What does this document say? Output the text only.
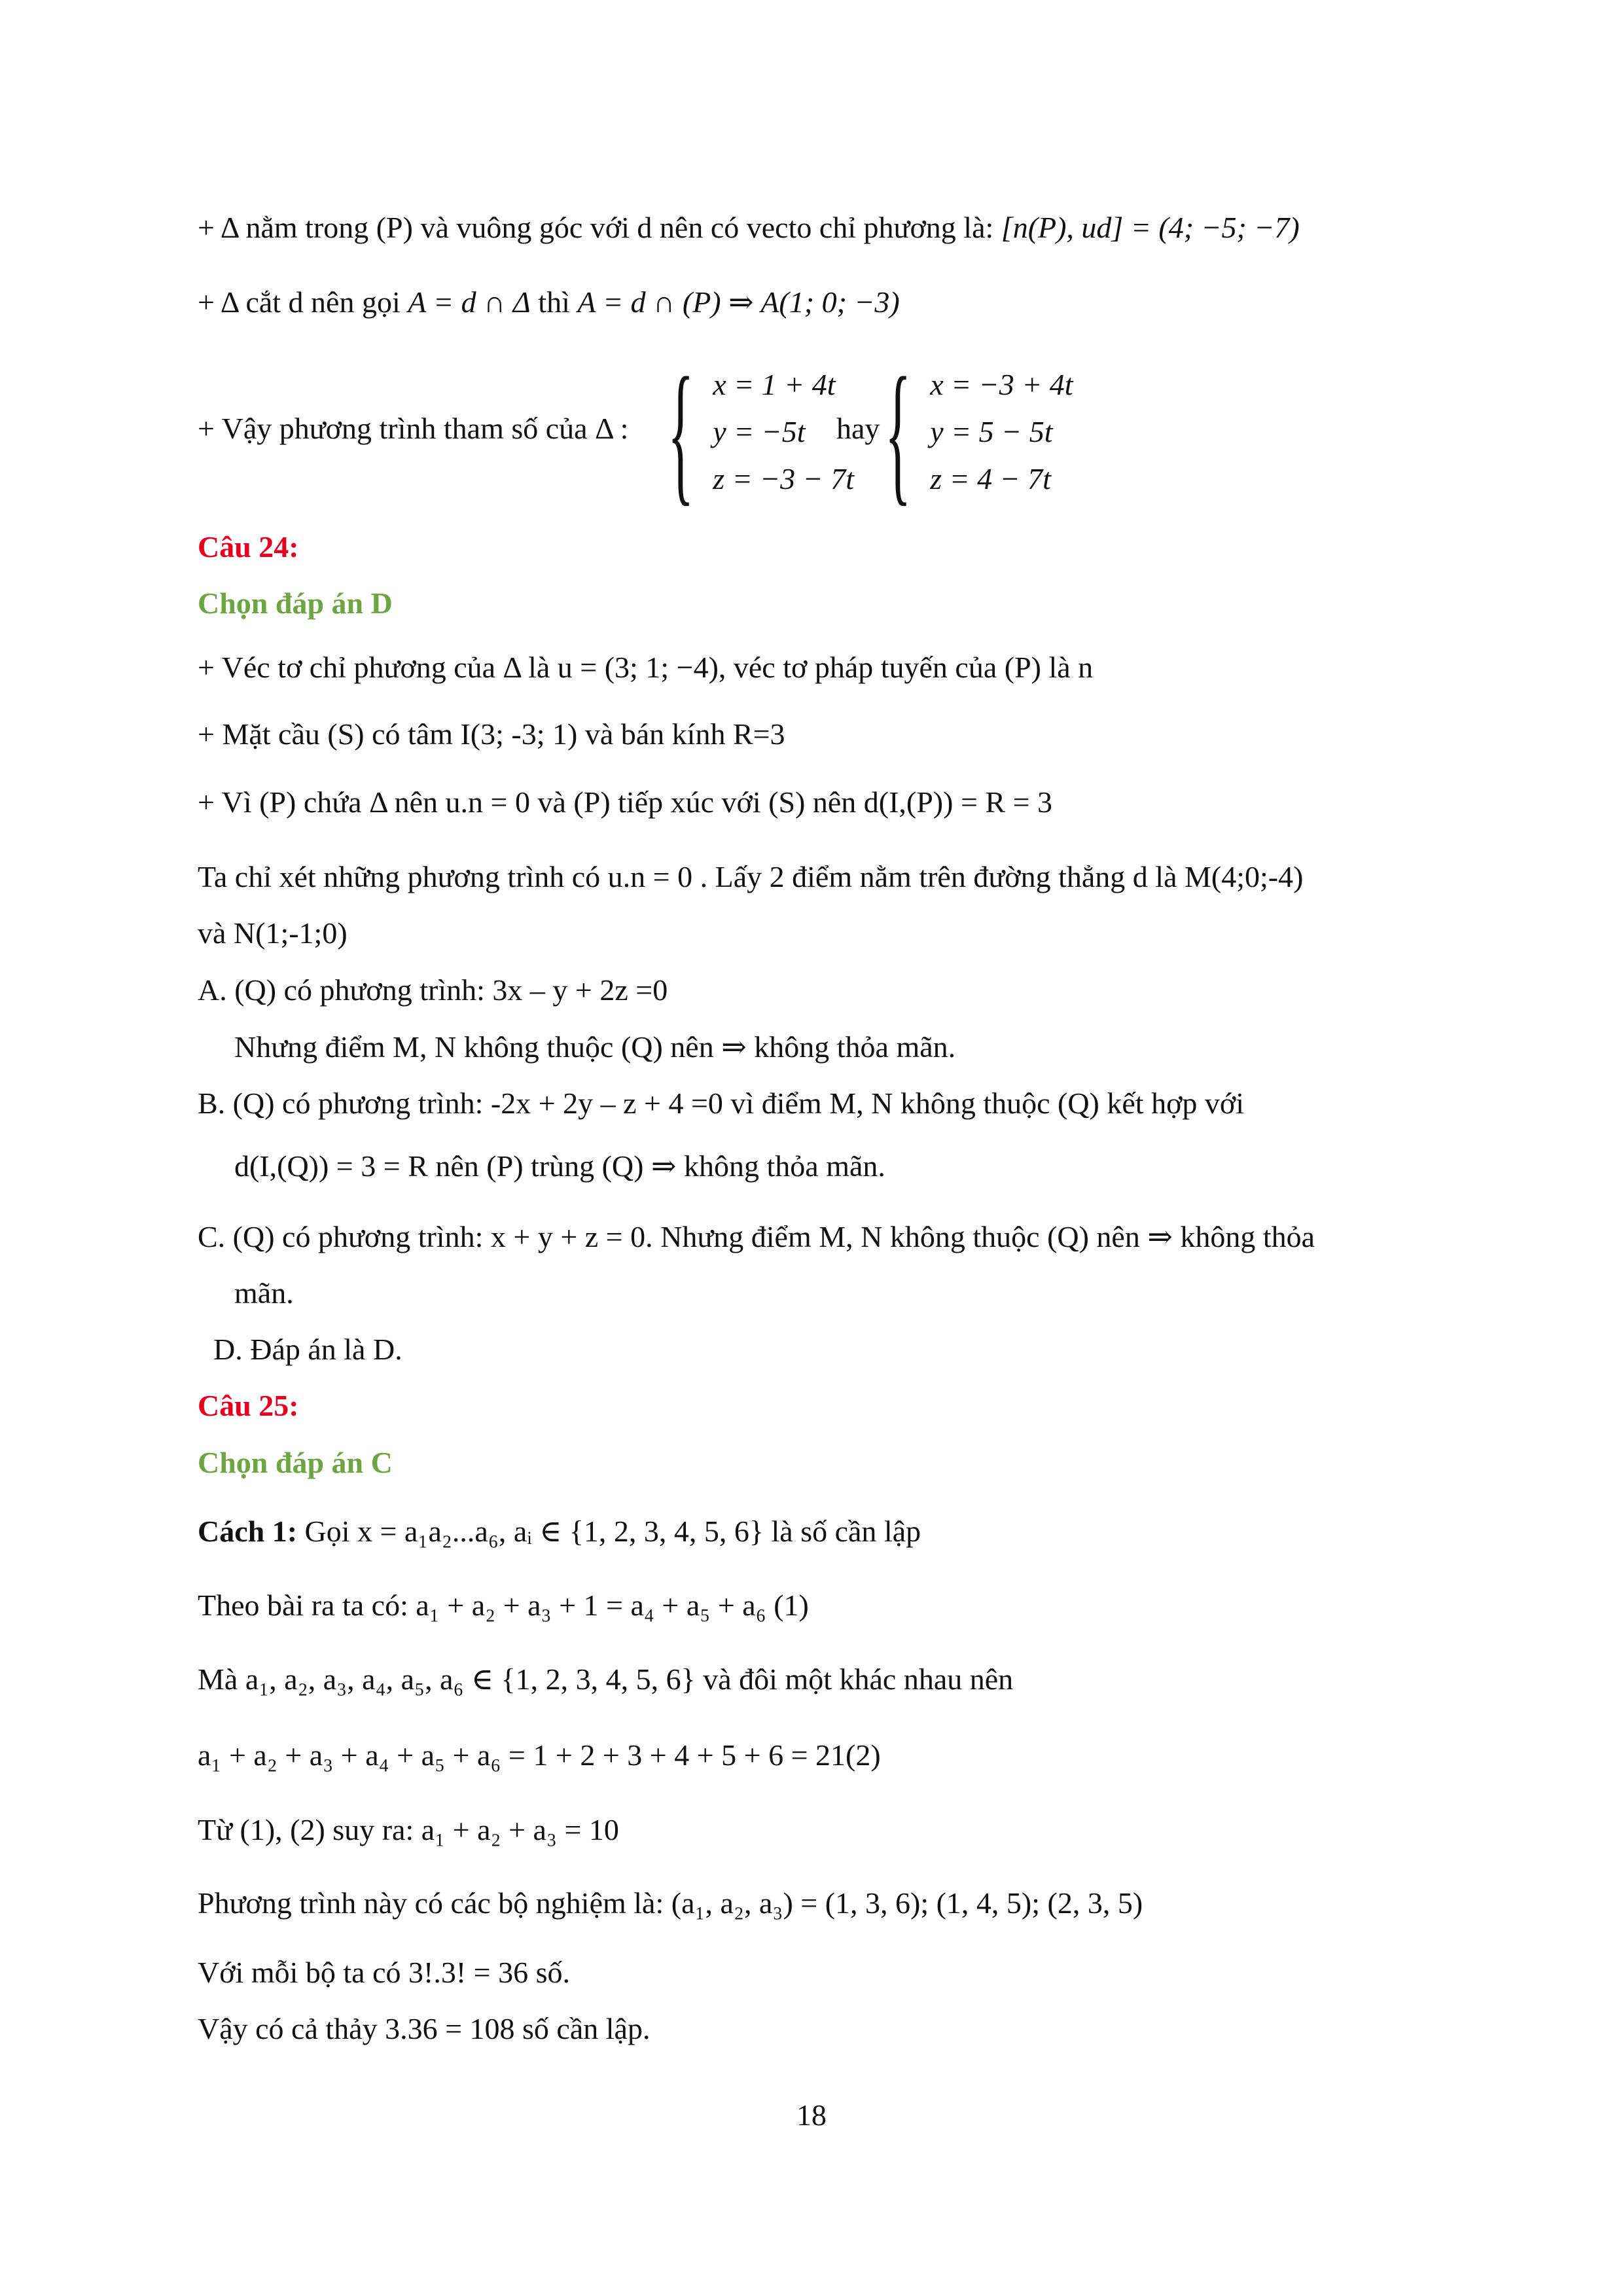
+ Δ nằm trong (P) và vuông góc với d nên có vecto chỉ phương là: [n(P), ud] = (4; −5; −7)
+ Δ cắt d nên gọi A = d ∩ Δ thì A = d ∩ (P) ⇒ A(1; 0; −3)
+ Vậy phương trình tham số của Δ : { x = 1 + 4t
y = −5t
z = −3 − 7t
hay { x = −3 + 4t
y = 5 − 5t
z = 4 − 7t
Câu 24:
Chọn đáp án D
+ Véc tơ chỉ phương của Δ là u = (3; 1; −4), véc tơ pháp tuyến của (P) là n
+ Mặt cầu (S) có tâm I(3; -3; 1) và bán kính R=3
+ Vì (P) chứa Δ nên u.n = 0 và (P) tiếp xúc với (S) nên d(I,(P)) = R = 3
Ta chỉ xét những phương trình có u.n = 0 . Lấy 2 điểm nằm trên đường thẳng d là M(4;0;-4)
và N(1;-1;0)
A. (Q) có phương trình: 3x – y + 2z =0
Nhưng điểm M, N không thuộc (Q) nên ⇒ không thỏa mãn.
B. (Q) có phương trình: -2x + 2y – z + 4 =0 vì điểm M, N không thuộc (Q) kết hợp với
d(I,(Q)) = 3 = R nên (P) trùng (Q) ⇒ không thỏa mãn.
C. (Q) có phương trình: x + y + z = 0. Nhưng điểm M, N không thuộc (Q) nên ⇒ không thỏa
mãn.
D. Đáp án là D.
Câu 25:
Chọn đáp án C
Cách 1: Gọi x = a₁a₂...a₆, aᵢ ∈ {1, 2, 3, 4, 5, 6} là số cần lập
Theo bài ra ta có: a₁ + a₂ + a₃ + 1 = a₄ + a₅ + a₆ (1)
Mà a₁, a₂, a₃, a₄, a₅, a₆ ∈ {1, 2, 3, 4, 5, 6} và đôi một khác nhau nên
a₁ + a₂ + a₃ + a₄ + a₅ + a₆ = 1 + 2 + 3 + 4 + 5 + 6 = 21(2)
Từ (1), (2) suy ra: a₁ + a₂ + a₃ = 10
Phương trình này có các bộ nghiệm là: (a₁, a₂, a₃) = (1, 3, 6); (1, 4, 5); (2, 3, 5)
Với mỗi bộ ta có 3!.3! = 36 số.
Vậy có cả thảy 3.36 = 108 số cần lập.
18
